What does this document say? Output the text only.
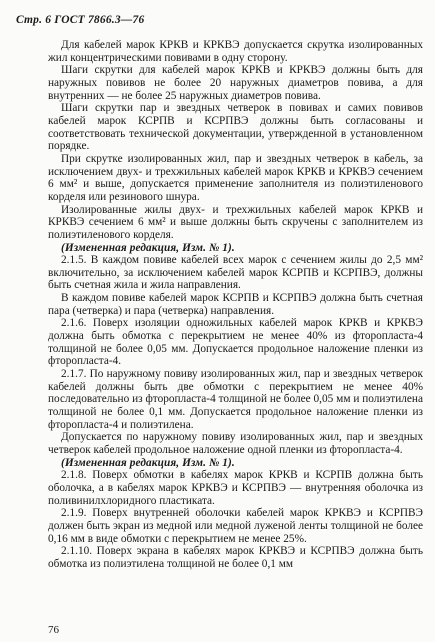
Стр. 6 ГОСТ 7866.3—76

Для кабелей марок КРКВ и КРКВЭ допускается скрутка изолированных жил концентрическими повивами в одну сторону.

Шаги скрутки для кабелей марок КРКВ и КРКВЭ должны быть для наружных повивов не более 20 наружных диаметров повива, а для внутренних — не более 25 наружных диаметров повива.

Шаги скрутки пар и звездных четверок в повивах и самих повивов кабелей марок КСРПВ и КСРПВЭ должны быть согласованы и соответствовать технической документации, утвержденной в установленном порядке.

При скрутке изолированных жил, пар и звездных четверок в кабель, за исключением двух- и трехжильных кабелей марок КРКВ и КРКВЭ сечением 6 мм² и выше, допускается применение заполнителя из полиэтиленового корделя или резинового шнура.

Изолированные жилы двух- и трехжильных кабелей марок КРКВ и КРКВЭ сечением 6 мм² и выше должны быть скручены с заполнителем из полиэтиленового корделя.

(Измененная редакция, Изм. № 1).

2.1.5. В каждом повиве кабелей всех марок с сечением жилы до 2,5 мм² включительно, за исключением кабелей марок КСРПВ и КСРПВЭ, должны быть счетная жила и жила направления.

В каждом повиве кабелей марок КСРПВ и КСРПВЭ должна быть счетная пара (четверка) и пара (четверка) направления.

2.1.6. Поверх изоляции одножильных кабелей марок КРКВ и КРКВЭ должна быть обмотка с перекрытием не менее 40% из фторопласта-4 толщиной не более 0,05 мм. Допускается продольное наложение пленки из фторопласта-4.

2.1.7. По наружному повиву изолированных жил, пар и звездных четверок кабелей должны быть две обмотки с перекрытием не менее 40% последовательно из фторопласта-4 толщиной не более 0,05 мм и полиэтилена толщиной не более 0,1 мм. Допускается продольное наложение пленки из фторопласта-4 и полиэтилена.

Допускается по наружному повиву изолированных жил, пар и звездных четверок кабелей продольное наложение одной пленки из фторопласта-4.

(Измененная редакция, Изм. № 1).

2.1.8. Поверх обмотки в кабелях марок КРКВ и КСРПВ должна быть оболочка, а в кабелях марок КРКВЭ и КСРПВЭ — внутренняя оболочка из поливинилхлоридного пластиката.

2.1.9. Поверх внутренней оболочки кабелей марок КРКВЭ и КСРПВЭ должен быть экран из медной или медной луженой ленты толщиной не более 0,16 мм в виде обмотки с перекрытием не менее 25%.

2.1.10. Поверх экрана в кабелях марок КРКВЭ и КСРПВЭ должна быть обмотка из полиэтилена толщиной не более 0,1 мм

76
